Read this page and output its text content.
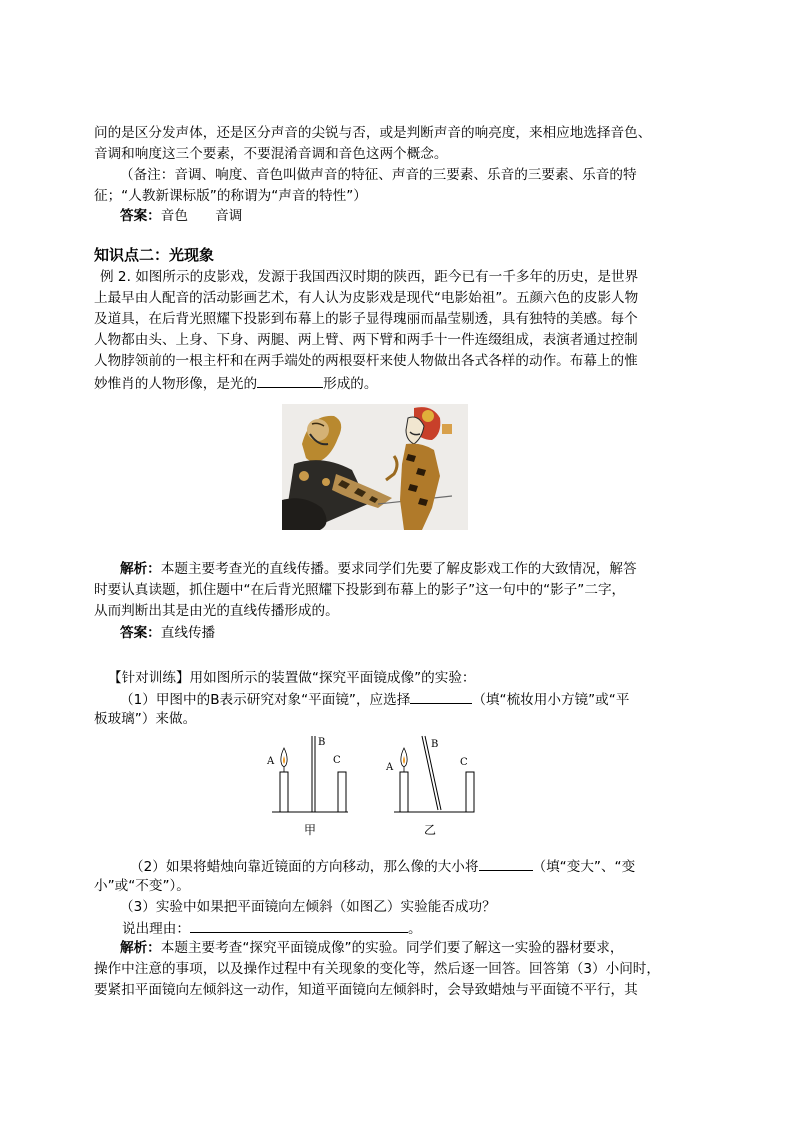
问的是区分发声体，还是区分声音的尖锐与否，或是判断声音的响亮度，来相应地选择音色、
音调和响度这三个要素，不要混淆音调和音色这两个概念。
（备注：音调、响度、音色叫做声音的特征、声音的三要素、乐音的三要素、乐音的特
征；“人教新课标版”的称谓为“声音的特性”）
答案：音色　　音调
知识点二：光现象
例 2. 如图所示的皮影戏，发源于我国西汉时期的陕西，距今已有一千多年的历史，是世界
上最早由人配音的活动影画艺术，有人认为皮影戏是现代“电影始祖”。五颜六色的皮影人物
及道具，在后背光照耀下投影到布幕上的影子显得瑰丽而晶莹剔透，具有独特的美感。每个
人物都由头、上身、下身、两腿、两上臂、两下臂和两手十一件连缀组成，表演者通过控制
人物脖领前的一根主杆和在两手端处的两根耍杆来使人物做出各式各样的动作。布幕上的惟
妙惟肖的人物形像，是光的	形成的。
解析：本题主要考查光的直线传播。要求同学们先要了解皮影戏工作的大致情况，解答
时要认真读题，抓住题中“在后背光照耀下投影到布幕上的影子”这一句中的“影子”二字，
从而判断出其是由光的直线传播形成的。
答案：直线传播
【针对训练】用如图所示的装置做“探究平面镜成像”的实验：
（1）甲图中的B表示研究对象“平面镜”，应选择	（填“梳妆用小方镜”或“平
板玻璃”）来做。
A
B
C
甲
A
B
C
乙
（2）如果将蜡烛向靠近镜面的方向移动，那么像的大小将	（填“变大”、“变
小”或“不变”）。
（3）实验中如果把平面镜向左倾斜（如图乙）实验能否成功？
说出理由：	。
解析：本题主要考查“探究平面镜成像”的实验。同学们要了解这一实验的器材要求，
操作中注意的事项，以及操作过程中有关现象的变化等，然后逐一回答。回答第（3）小问时，
要紧扣平面镜向左倾斜这一动作，知道平面镜向左倾斜时，会导致蜡烛与平面镜不平行，其
